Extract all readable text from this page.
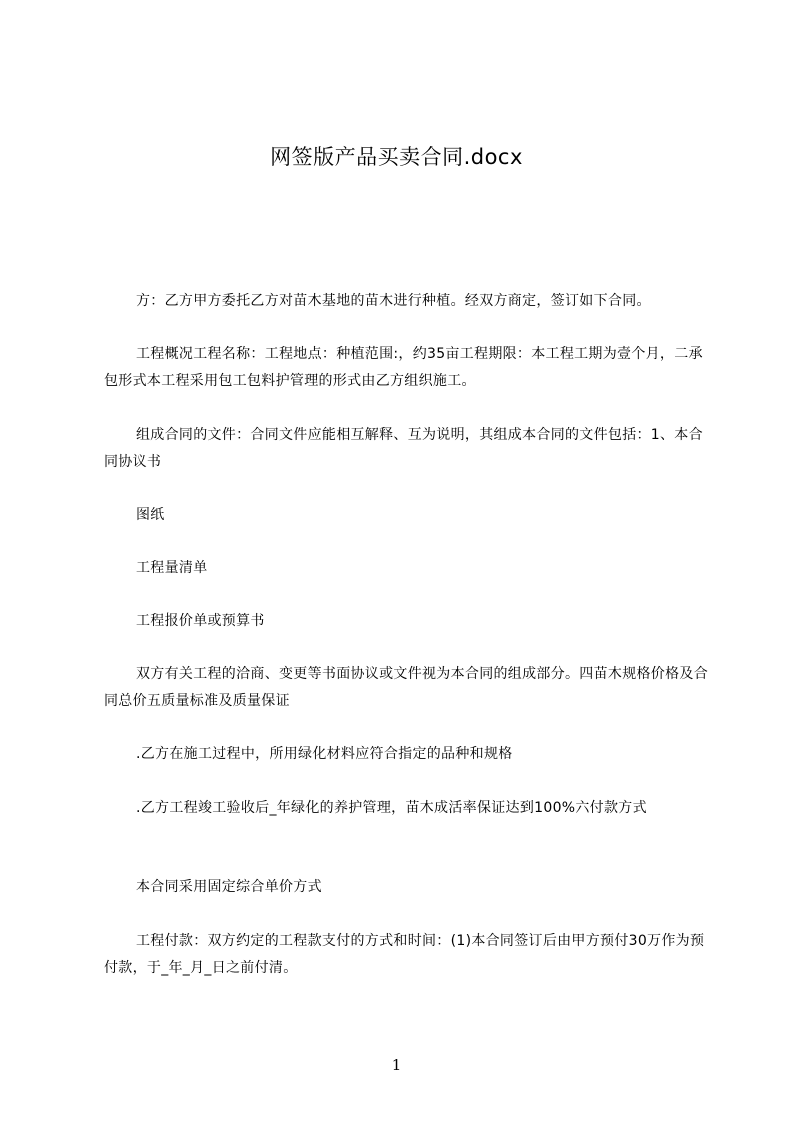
网签版产品买卖合同.docx
方：乙方甲方委托乙方对苗木基地的苗木进行种植。经双方商定，签订如下合同。
工程概况工程名称：工程地点：种植范围:，约35亩工程期限：本工程工期为壹个月，二承包形式本工程采用包工包料护管理的形式由乙方组织施工。
组成合同的文件：合同文件应能相互解释、互为说明，其组成本合同的文件包括：1、本合同协议书
图纸
工程量清单
工程报价单或预算书
双方有关工程的洽商、变更等书面协议或文件视为本合同的组成部分。四苗木规格价格及合同总价五质量标准及质量保证
.乙方在施工过程中，所用绿化材料应符合指定的品种和规格
.乙方工程竣工验收后_年绿化的养护管理，苗木成活率保证达到100%六付款方式
本合同采用固定综合单价方式
工程付款：双方约定的工程款支付的方式和时间：(1)本合同签订后由甲方预付30万作为预付款，于_年_月_日之前付清。
1
